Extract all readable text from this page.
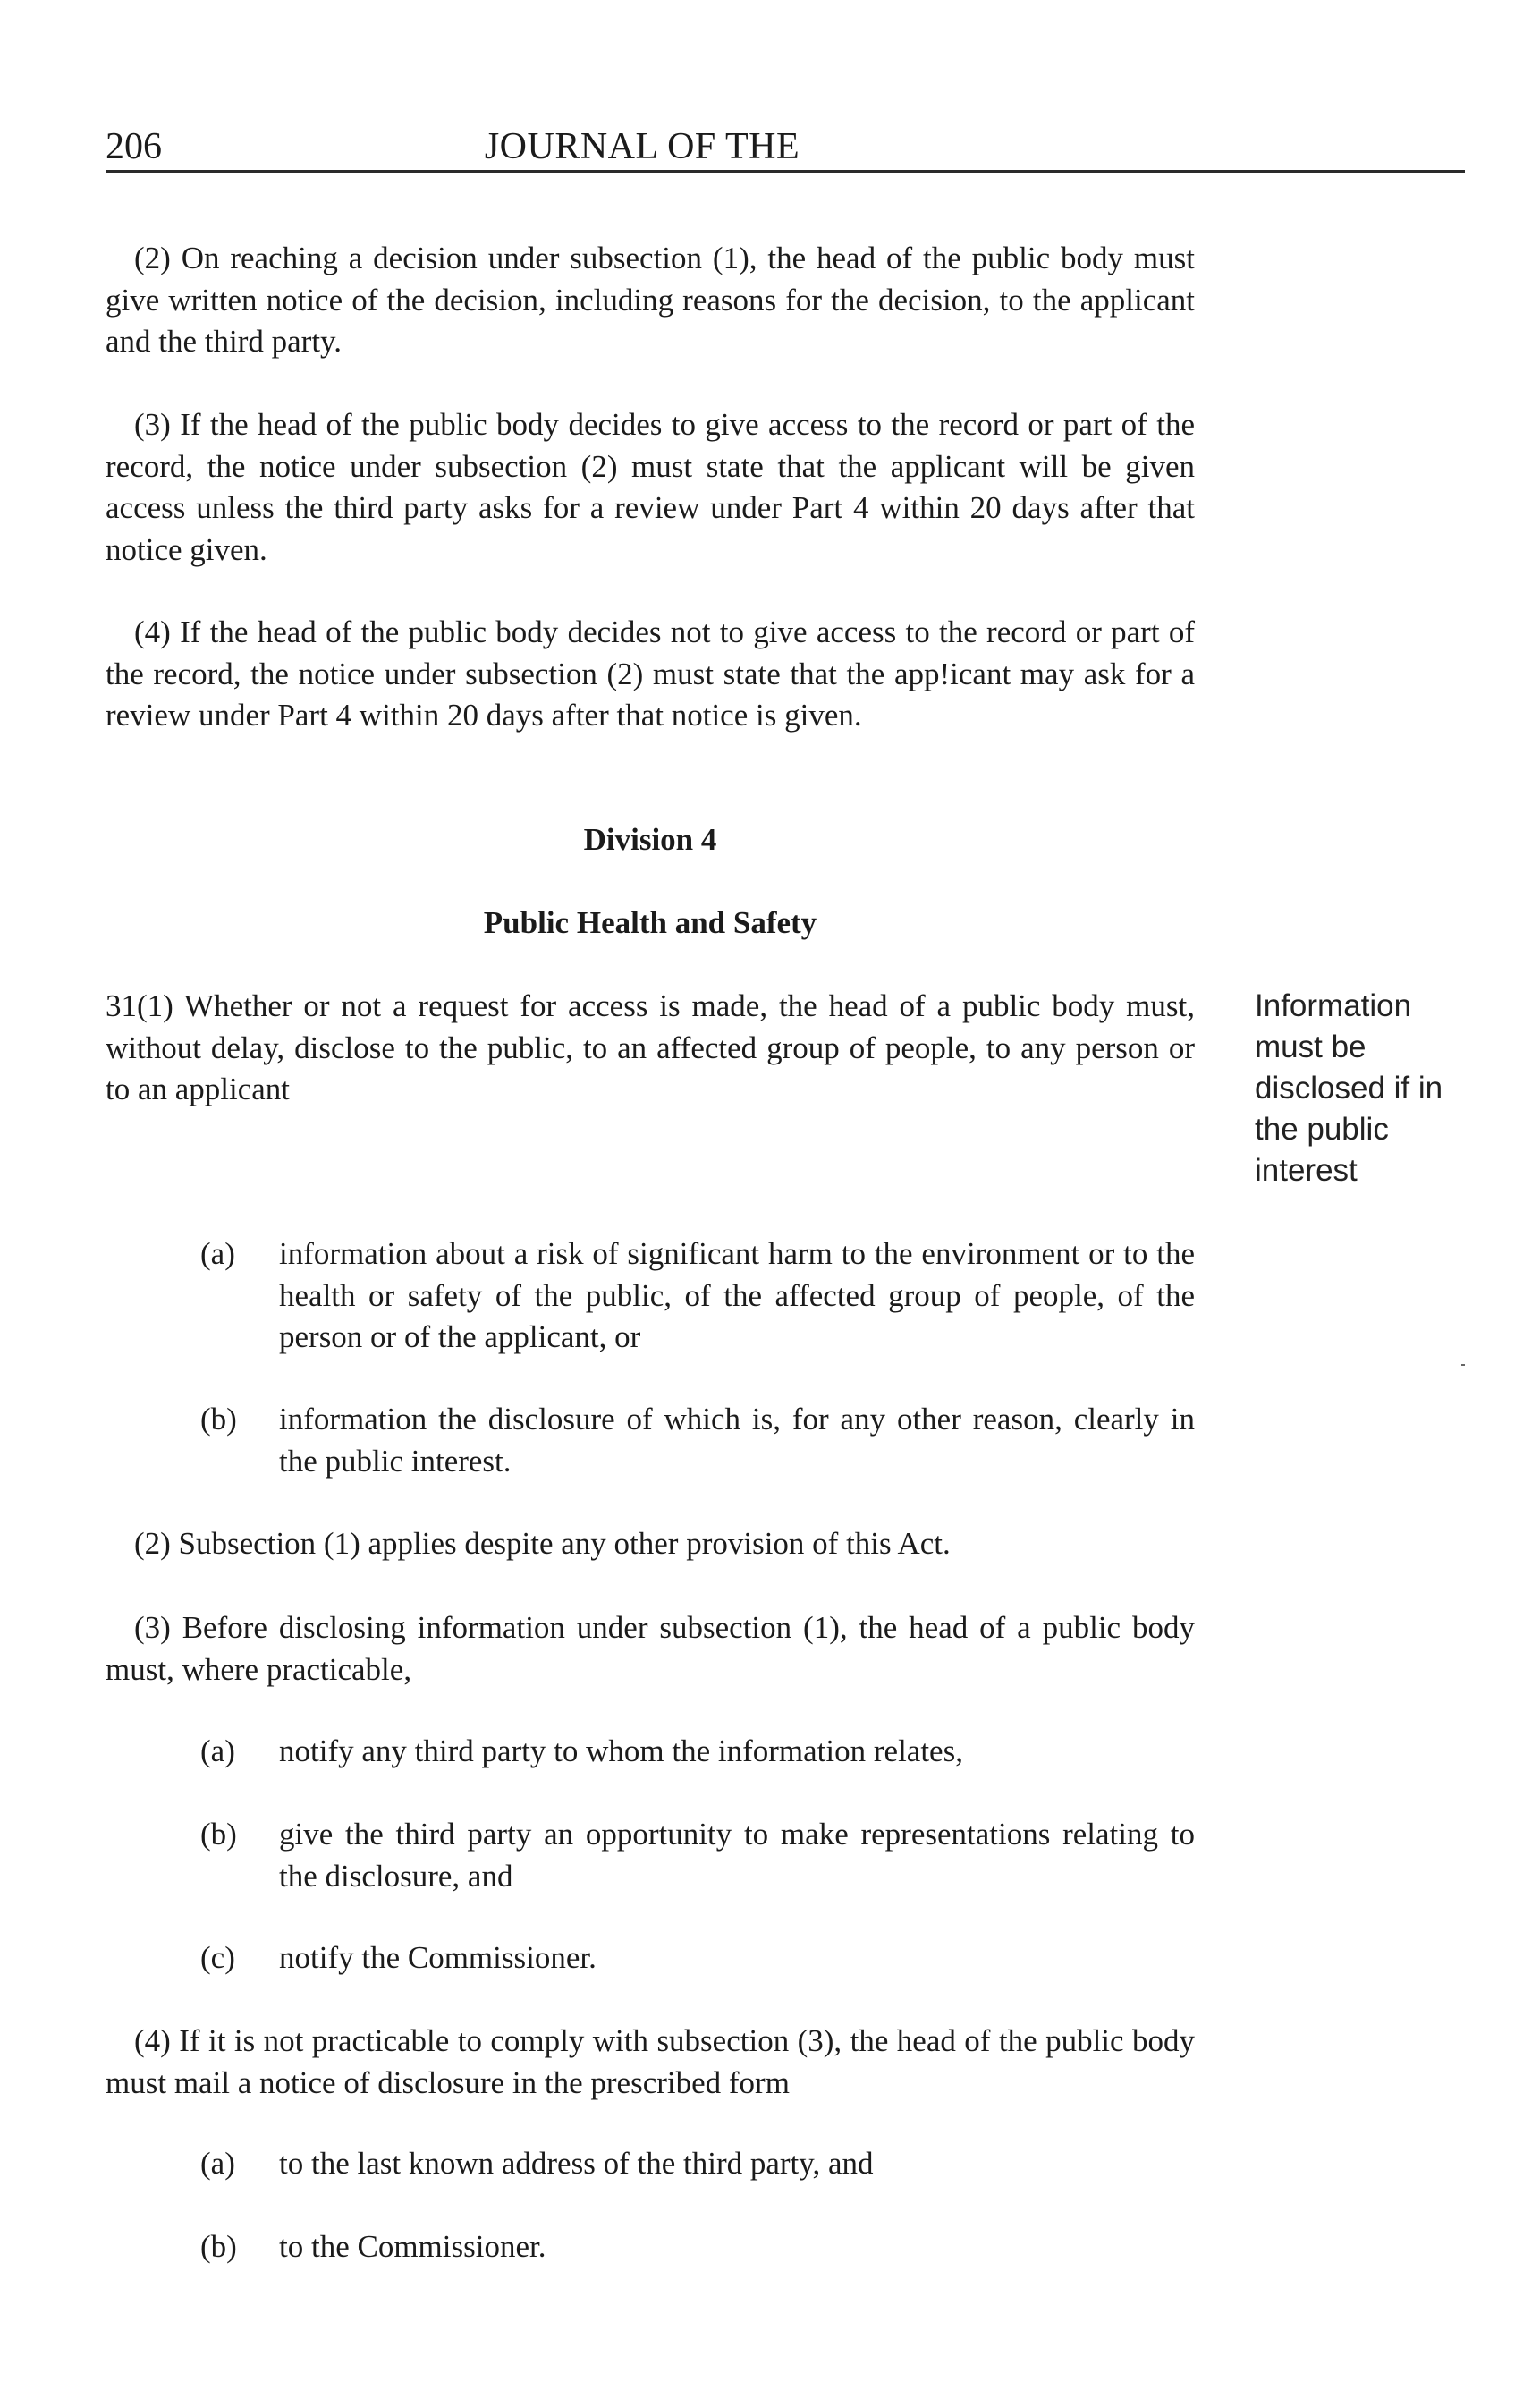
206	JOURNAL OF THE

(2) On reaching a decision under subsection (1), the head of the public body must give written notice of the decision, including reasons for the decision, to the applicant and the third party.

(3) If the head of the public body decides to give access to the record or part of the record, the notice under subsection (2) must state that the applicant will be given access unless the third party asks for a review under Part 4 within 20 days after that notice given.

(4) If the head of the public body decides not to give access to the record or part of the record, the notice under subsection (2) must state that the app!icant may ask for a review under Part 4 within 20 days after that notice is given.

Division 4
Public Health and Safety

31(1) Whether or not a request for access is made, the head of a public body must, without delay, disclose to the public, to an affected group of people, to any person or to an applicant

Information must be disclosed if in the public interest
(a)	information about a risk of significant harm to the environment or to the health or safety of the public, of the affected group of people, of the person or of the applicant, or
(b)	information the disclosure of which is, for any other reason, clearly in the public interest.

(2) Subsection (1) applies despite any other provision of this Act.

(3) Before disclosing information under subsection (1), the head of a public body must, where practicable,

(a)	notify any third party to whom the information relates,
(b)	give the third party an opportunity to make representations relating to the disclosure, and
(c)	notify the Commissioner.

(4) If it is not practicable to comply with subsection (3), the head of the public body must mail a notice of disclosure in the prescribed form

(a)	to the last known address of the third party, and
(b)	to the Commissioner.
